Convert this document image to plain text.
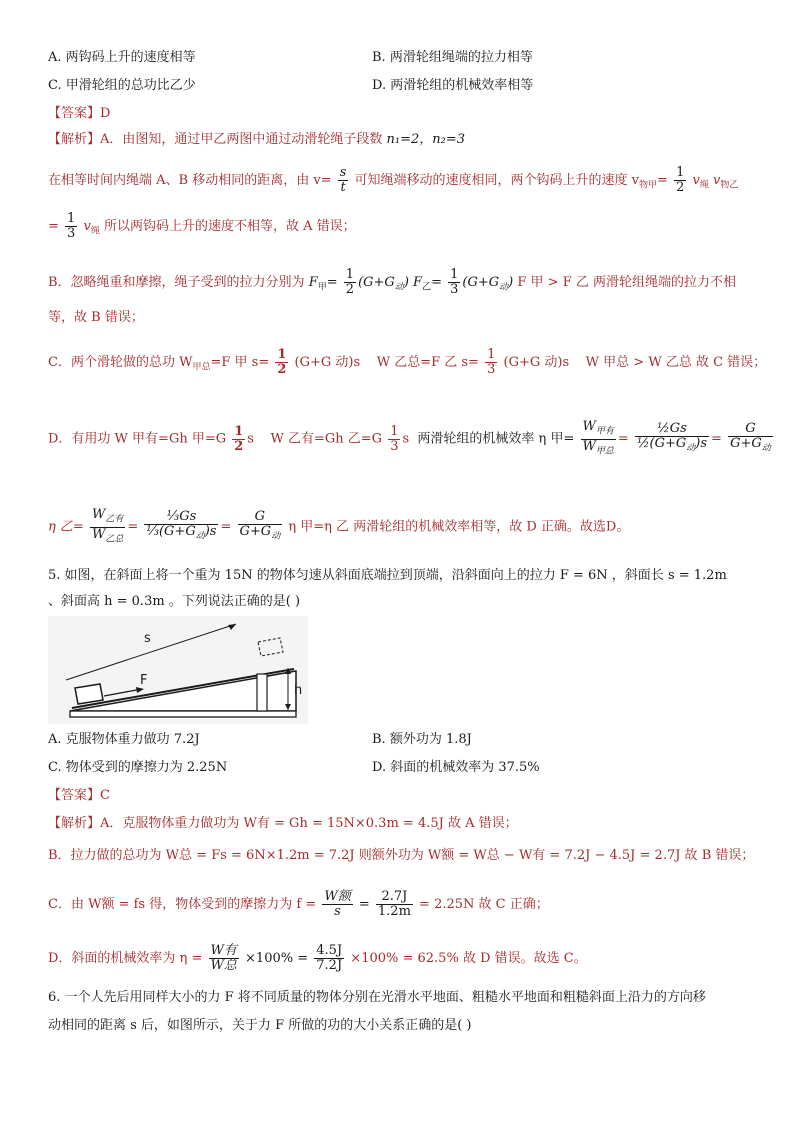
A. 两钩码上升的速度相等	B. 两滑轮组绳端的拉力相等
C. 甲滑轮组的总功比乙少	D. 两滑轮组的机械效率相等
【答案】D
【解析】A．由图知，通过甲乙两图中通过动滑轮绳子段数 n₁=2，n₂=3
在相等时间内绳端 A、B 移动相同的距离，由 $v= \frac{s}{t}$ 可知绳端移动的速度相同，两个钩码上升的速度 $v_{物甲}= \frac{1}{2} v_绳$ $v_{物乙}$
= $\frac{1}{3} v_绳$ 所以两钩码上升的速度不相等，故 A 错误；
B．忽略绳重和摩擦，绳子受到的拉力分别为 $F_甲= \frac{1}{2} (G+G_动)$ $F_乙= \frac{1}{3} (G+G_动)$ F 甲 > F 乙 两滑轮组绳端的拉力不相
等，故 B 错误；
C．两个滑轮做的总功 $W_{甲总}=F$ 甲 $s= \frac{1}{2} (G+G$ 动)s W 乙总=F 乙 $s= \frac{1}{3} (G+G$ 动)s W 甲总 > W 乙总 故 C 错误；
D．有用功 W 甲有=Gh 甲$=G \frac{1}{2}$ s W 乙有=Gh 乙$=G \frac{1}{3}$ s 两滑轮组的机械效率 η 甲= $\frac{W_{甲有}}{W_{甲总}} = \frac{\text{½Gs}}{\frac{1}{2}(G+G_动)s} = \frac{G}{G+G_动}$
η 乙= $\frac{W_{乙有}}{W_{乙总}} = \frac{\text{⅓Gs}}{\frac{1}{3}(G+G_动)s} = \frac{G}{G+G_动}$ η 甲=η 乙 两滑轮组的机械效率相等，故 D 正确。故选D。
5. 如图，在斜面上将一个重为 15N 的物体匀速从斜面底端拉到顶端，沿斜面向上的拉力 F = 6N ，斜面长 s = 1.2m
、斜面高 h = 0.3m 。下列说法正确的是( )
s
F
h
A. 克服物体重力做功 7.2J	B. 额外功为 1.8J
C. 物体受到的摩擦力为 2.25N	D. 斜面的机械效率为 37.5%
【答案】C
【解析】A．克服物体重力做功为 W有 = Gh = 15N×0.3m = 4.5J 故 A 错误；
B．拉力做的总功为 W总 = Fs = 6N×1.2m = 7.2J 则额外功为 W额 = W总 − W有 = 7.2J − 4.5J = 2.7J 故 B 错误；
C．由 W额 = fs 得，物体受到的摩擦力为 $f = \frac{\text{W额}}{s} = \frac{2.7J}{1.2m} = 2.25N$ 故 C 正确；
D．斜面的机械效率为 $\eta = \frac{\text{W有}}{\text{W总}} \times 100\% = \frac{4.5J}{7.2J} \times 100\% = 62.5\%$ 故 D 错误。故选 C。
6. 一个人先后用同样大小的力 F 将不同质量的物体分别在光滑水平地面、粗糙水平地面和粗糙斜面上沿力的方向移
动相同的距离 s 后，如图所示，关于力 F 所做的功的大小关系正确的是( )
